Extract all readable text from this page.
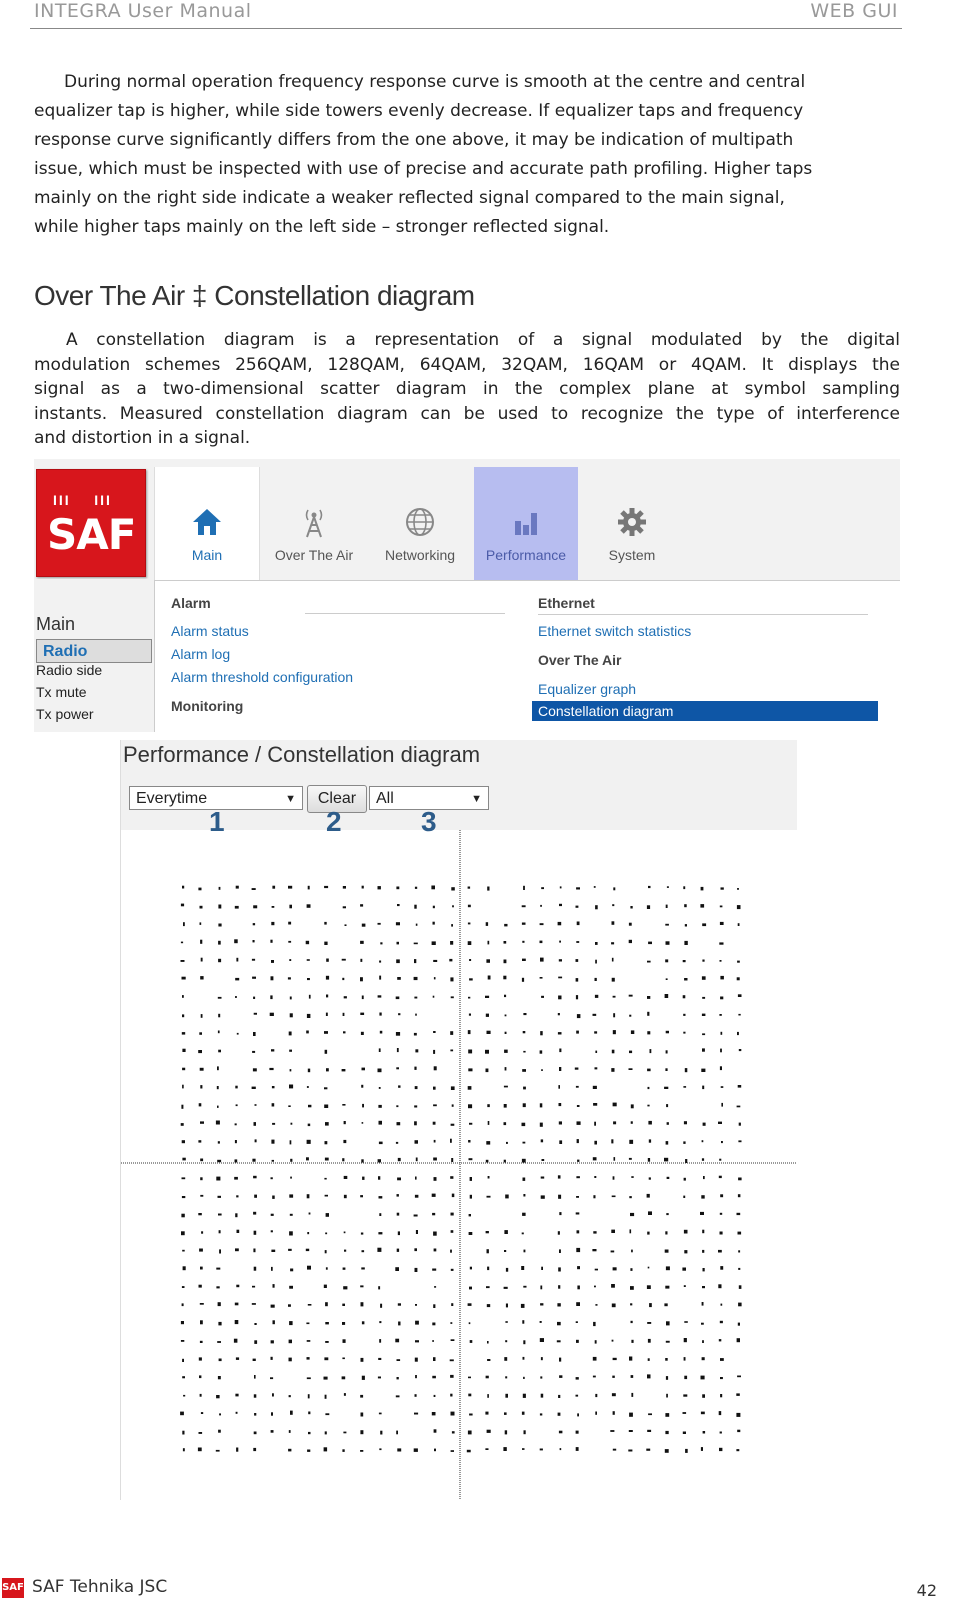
INTEGRA User Manual	WEB GUI
During normal operation frequency response curve is smooth at the centre and central
equalizer tap is higher, while side towers evenly decrease. If equalizer taps and frequency
response curve significantly differs from the one above, it may be indication of multipath
issue, which must be inspected with use of precise and accurate path profiling. Higher taps
mainly on the right side indicate a weaker reflected signal compared to the main signal,
while higher taps mainly on the left side – stronger reflected signal.
Over The Air ‡ Constellation diagram
A constellation diagram is a representation of a signal modulated by the digital
modulation schemes 256QAM, 128QAM, 64QAM, 32QAM, 16QAM or 4QAM. It displays the
signal as a two-dimensional scatter diagram in the complex plane at symbol sampling
instants. Measured constellation diagram can be used to recognize the type of interference
and distortion in a signal.
III    III
SAF	Main	Over The Air	Networking	Performance	System
Main
Radio
Radio side
Tx mute
Tx power
Alarm
Alarm status
Alarm log
Alarm threshold configuration
Monitoring
Ethernet
Ethernet switch statistics
Over The Air
Equalizer graph
Constellation diagram
Performance / Constellation diagram
Everytime	▼	Clear	All	▼
1	2	3
SAF SAF Tehnika JSC	42
